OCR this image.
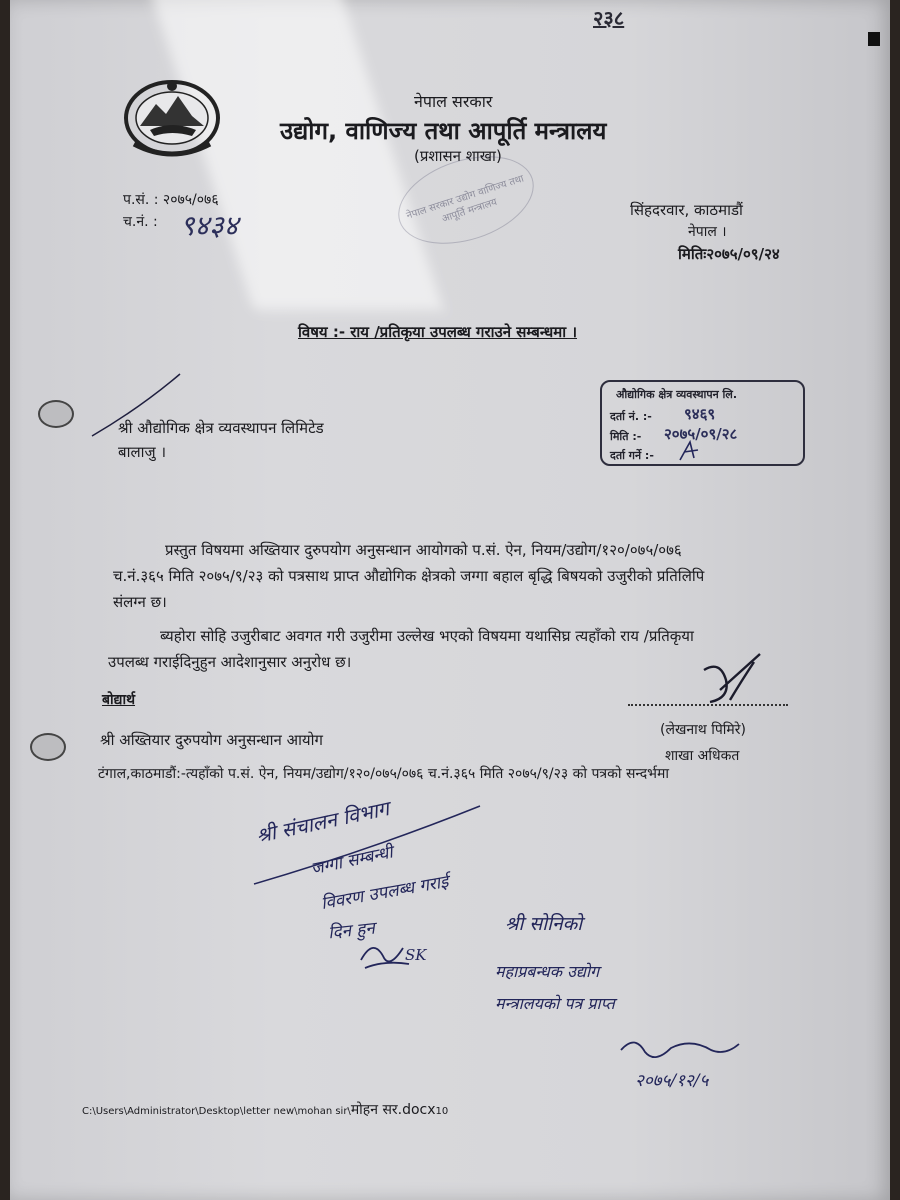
२३८
नेपाल सरकार
उद्योग, वाणिज्य तथा आपूर्ति मन्त्रालय
(प्रशासन शाखा)
प.सं. : २०७५/०७६
च.नं. : ९४३४
नेपाल सरकार उद्योग वाणिज्य तथा आपूर्ति मन्त्रालय	सिंहदरवार, काठमाडौं
नेपाल ।
मितिः२०७५/०९/२४
विषय :- राय /प्रतिकृया उपलब्ध गराउने सम्बन्धमा ।
श्री औद्योगिक क्षेत्र व्यवस्थापन लिमिटेड
बालाजु ।
औद्योगिक क्षेत्र व्यवस्थापन लि.
दर्ता नं. :- ९४६९
मिति :- २०७५/०९/२८
दर्ता गर्ने :-
प्रस्तुत विषयमा अख्तियार दुरुपयोग अनुसन्धान आयोगको प.सं. ऐन, नियम/उद्योग/१२०/०७५/०७६
च.नं.३६५ मिति २०७५/९/२३ को पत्रसाथ प्राप्त औद्योगिक क्षेत्रको जग्गा बहाल बृद्धि बिषयको उजुरीको प्रतिलिपि
संलग्न छ।
ब्यहोरा सोहि उजुरीबाट अवगत गरी उजुरीमा उल्लेख भएको विषयमा यथासिघ्र त्यहाँको राय /प्रतिकृया
उपलब्ध गराईदिनुहुन आदेशानुसार अनुरोध छ।
(लेखनाथ पिमिरे)
शाखा अधिकत
बोद्यार्थ
श्री अख्तियार दुरुपयोग अनुसन्धान आयोग
टंगाल,काठमाडौं:-त्यहाँको प.सं. ऐन, नियम/उद्योग/१२०/०७५/०७६ च.नं.३६५ मिति २०७५/९/२३ को पत्रको सन्दर्भमा
श्री संचालन विभाग
जग्गा सम्बन्धी
विवरण उपलब्ध गराई
दिन हुन
SK
श्री सोनिको
महाप्रबन्धक उद्योग
मन्त्रालयको पत्र प्राप्त
२०७५/१२/५
C:\Users\Administrator\Desktop\letter new\mohan sir\मोहन सर.docx10
